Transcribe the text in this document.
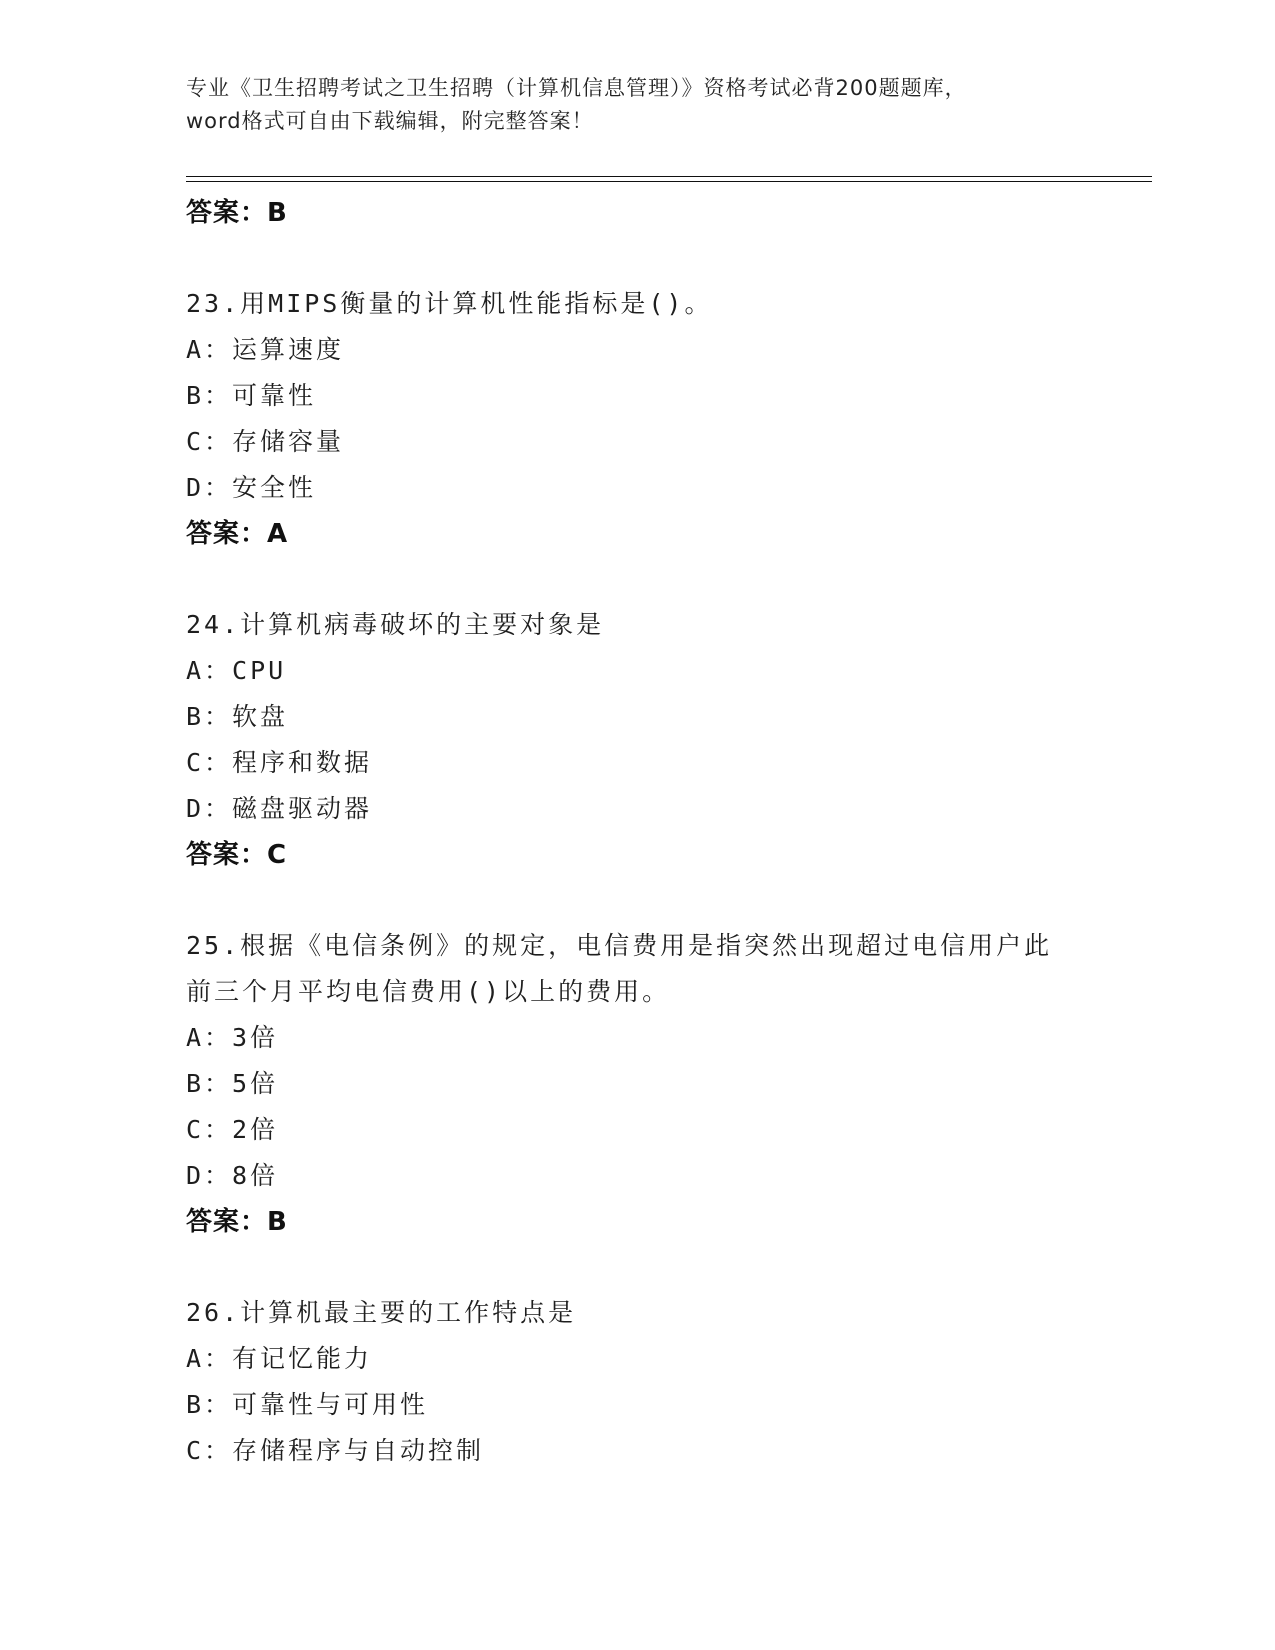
专业《卫生招聘考试之卫生招聘（计算机信息管理）》资格考试必背200题题库，
word格式可自由下载编辑，附完整答案！
答案：B
23.用MIPS衡量的计算机性能指标是()。
A：运算速度
B：可靠性
C：存储容量
D：安全性
答案：A
24.计算机病毒破坏的主要对象是
A：CPU
B：软盘
C：程序和数据
D：磁盘驱动器
答案：C
25.根据《电信条例》的规定，电信费用是指突然出现超过电信用户此
前三个月平均电信费用()以上的费用。
A：3倍
B：5倍
C：2倍
D：8倍
答案：B
26.计算机最主要的工作特点是
A：有记忆能力
B：可靠性与可用性
C：存储程序与自动控制
